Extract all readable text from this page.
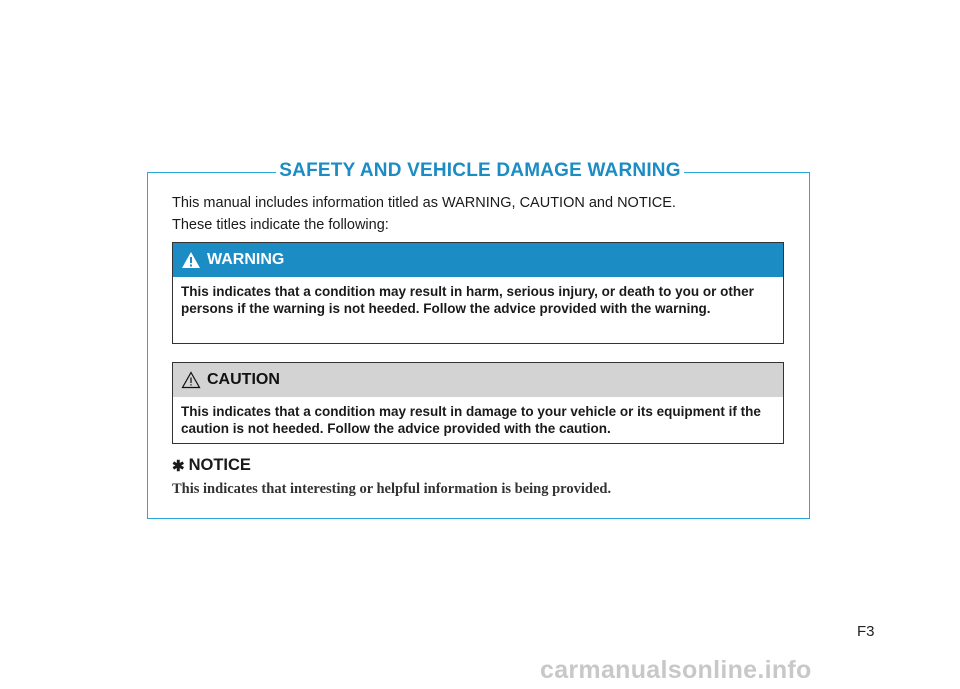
SAFETY AND VEHICLE DAMAGE WARNING

This manual includes information titled as WARNING, CAUTION and NOTICE.

These titles indicate the following:

WARNING
This indicates that a condition may result in harm, serious injury, or death to you or other persons if the warning is not heeded. Follow the advice provided with the warning.
CAUTION
This indicates that a condition may result in damage to your vehicle or its equipment if the caution is not heeded. Follow the advice provided with the caution.
✱ NOTICE
This indicates that interesting or helpful information is being provided.
F3
carmanualsonline.info
